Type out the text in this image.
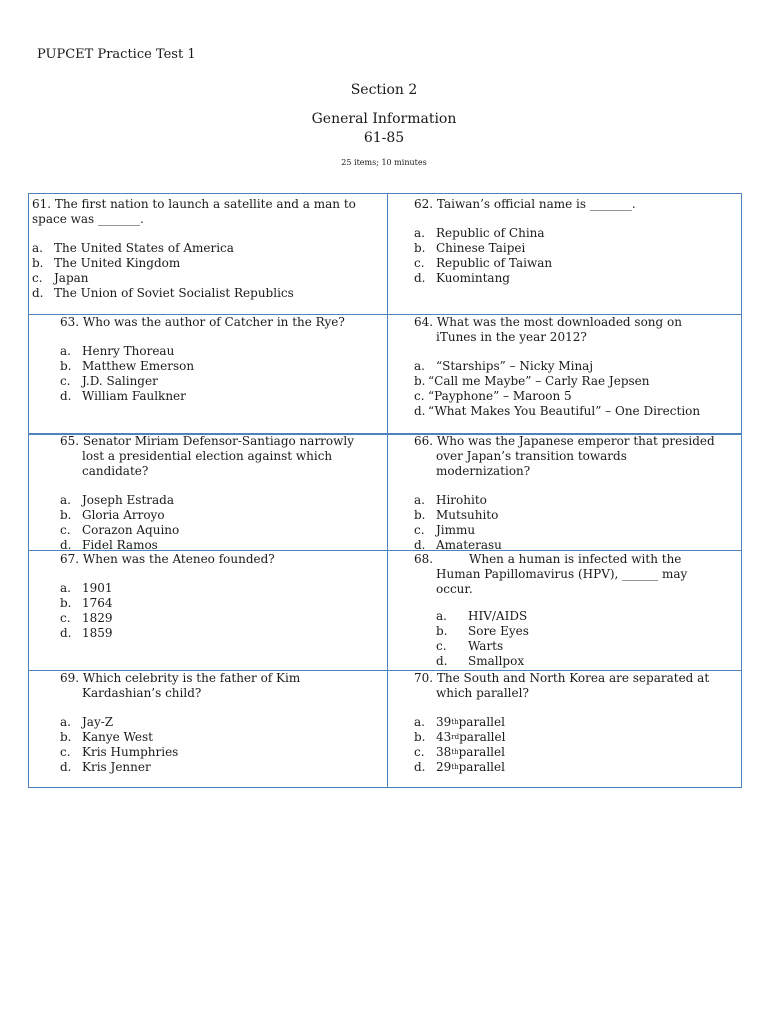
PUPCET Practice Test 1
Section 2
General Information
61-85
25 items; 10 minutes

61. The first nation to launch a satellite and a man to space was _______.

a. The United States of America
b. The United Kingdom
c. Japan
d. The Union of Soviet Socialist Republics

62. Taiwan’s official name is _______.

a. Republic of China
b. Chinese Taipei
c. Republic of Taiwan
d. Kuomintang

63. Who was the author of Catcher in the Rye?

a. Henry Thoreau
b. Matthew Emerson
c. J.D. Salinger
d. William Faulkner

64. What was the most downloaded song on iTunes in the year 2012?

a. “Starships” – Nicky Minaj
b. “Call me Maybe” – Carly Rae Jepsen
c. “Payphone” – Maroon 5
d. “What Makes You Beautiful” – One Direction

65. Senator Miriam Defensor-Santiago narrowly lost a presidential election against which candidate?

a. Joseph Estrada
b. Gloria Arroyo
c. Corazon Aquino
d. Fidel Ramos

66. Who was the Japanese emperor that presided over Japan’s transition towards modernization?

a. Hirohito
b. Mutsuhito
c. Jimmu
d. Amaterasu

67. When was the Ateneo founded?

a. 1901
b. 1764
c. 1829
d. 1859

68.	When a human is infected with the Human Papillomavirus (HPV), ______ may occur.

a.	HIV/AIDS
b.	Sore Eyes
c.	Warts
d.	Smallpox

69. Which celebrity is the father of Kim Kardashian’s child?

a. Jay-Z
b. Kanye West
c. Kris Humphries
d. Kris Jenner

70. The South and North Korea are separated at which parallel?

a. 39 th parallel
b. 43 rd parallel
c. 38 th parallel
d. 29 th parallel
